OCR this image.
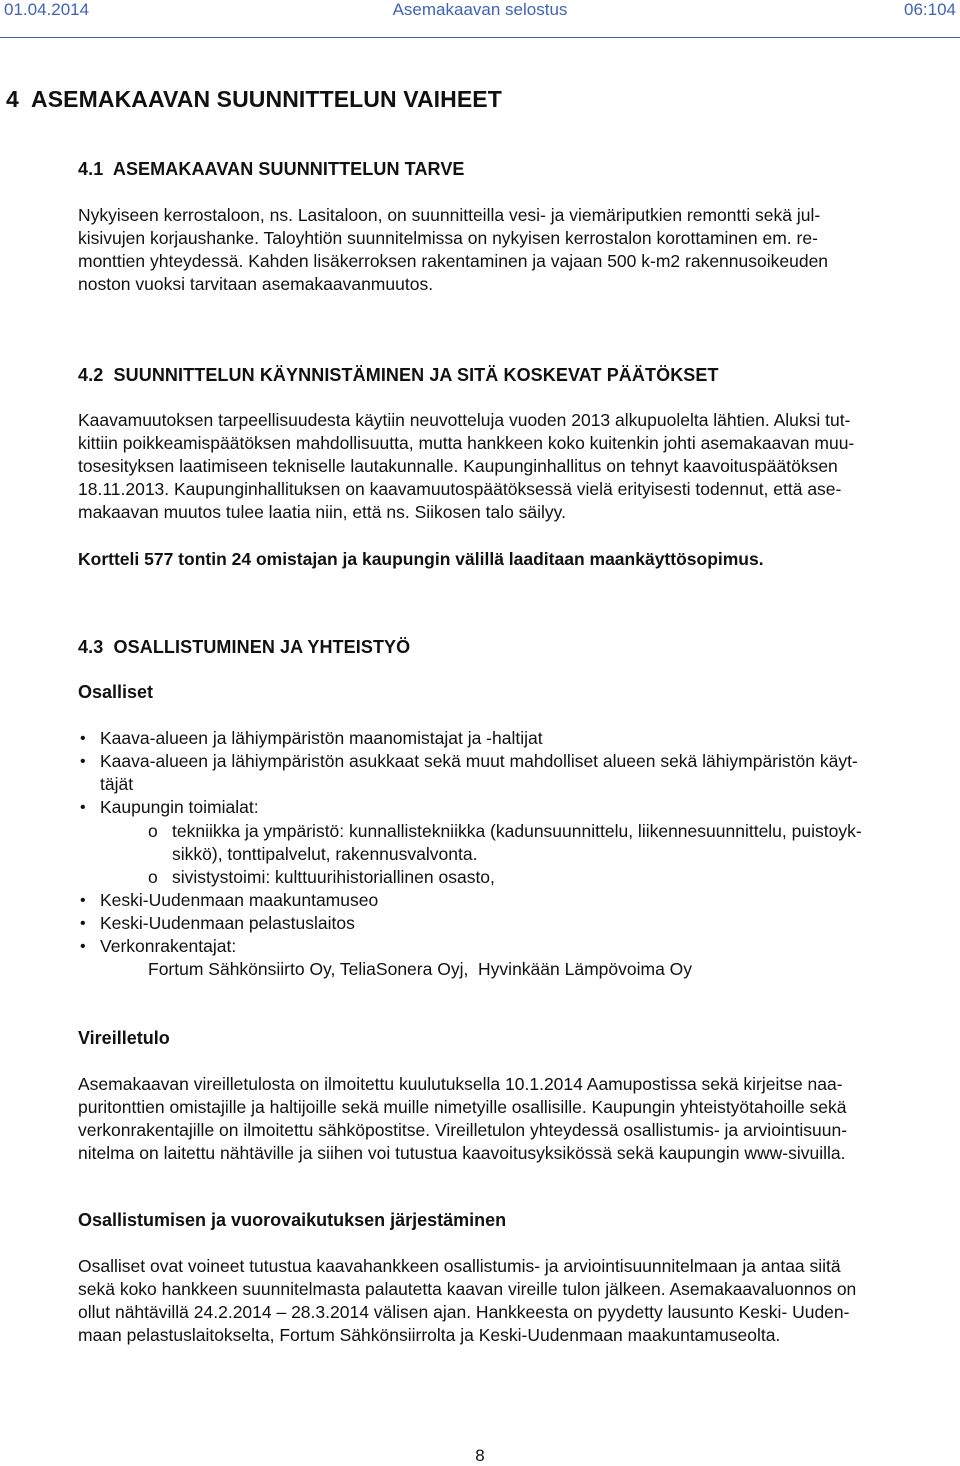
Asemakaavan selostus
01.04.2014	06:104
4  ASEMAKAAVAN SUUNNITTELUN VAIHEET
4.1  ASEMAKAAVAN SUUNNITTELUN TARVE
Nykyiseen kerrostaloon, ns. Lasitaloon, on suunnitteilla vesi- ja viemäriputkien remontti sekä jul-
kisivujen korjaushanke. Taloyhtiön suunnitelmissa on nykyisen kerrostalon korottaminen em. re-
monttien yhteydessä. Kahden lisäkerroksen rakentaminen ja vajaan 500 k-m2 rakennusoikeuden
noston vuoksi tarvitaan asemakaavanmuutos.
4.2  SUUNNITTELUN KÄYNNISTÄMINEN JA SITÄ KOSKEVAT PÄÄTÖKSET
Kaavamuutoksen tarpeellisuudesta käytiin neuvotteluja vuoden 2013 alkupuolelta lähtien. Aluksi tut-
kittiin poikkeamispäätöksen mahdollisuutta, mutta hankkeen koko kuitenkin johti asemakaavan muu-
tosesityksen laatimiseen tekniselle lautakunnalle. Kaupunginhallitus on tehnyt kaavoituspäätöksen
18.11.2013. Kaupunginhallituksen on kaavamuutospäätöksessä vielä erityisesti todennut, että ase-
makaavan muutos tulee laatia niin, että ns. Siikosen talo säilyy.
Kortteli 577 tontin 24 omistajan ja kaupungin välillä laaditaan maankäyttösopimus.
4.3  OSALLISTUMINEN JA YHTEISTYÖ
Osalliset
• Kaava-alueen ja lähiympäristön maanomistajat ja -haltijat
• Kaava-alueen ja lähiympäristön asukkaat sekä muut mahdolliset alueen sekä lähiympäristön käyt-
täjät
• Kaupungin toimialat:
o tekniikka ja ympäristö: kunnallistekniikka (kadunsuunnittelu, liikennesuunnittelu, puistoyk-
sikkö), tonttipalvelut, rakennusvalvonta.
o sivistystoimi: kulttuurihistoriallinen osasto,
• Keski-Uudenmaan maakuntamuseo
• Keski-Uudenmaan pelastuslaitos
• Verkonrakentajat:
Fortum Sähkönsiirto Oy, TeliaSonera Oyj,  Hyvinkään Lämpövoima Oy
Vireilletulo
Asemakaavan vireilletulosta on ilmoitettu kuulutuksella 10.1.2014 Aamupostissa sekä kirjeitse naa-
puritonttien omistajille ja haltijoille sekä muille nimetyille osallisille. Kaupungin yhteistyötahoille sekä
verkonrakentajille on ilmoitettu sähköpostitse. Vireilletulon yhteydessä osallistumis- ja arviointisuun-
nitelma on laitettu nähtäville ja siihen voi tutustua kaavoitusyksikössä sekä kaupungin www-sivuilla.
Osallistumisen ja vuorovaikutuksen järjestäminen
Osalliset ovat voineet tutustua kaavahankkeen osallistumis- ja arviointisuunnitelmaan ja antaa siitä
sekä koko hankkeen suunnitelmasta palautetta kaavan vireille tulon jälkeen. Asemakaavaluonnos on
ollut nähtävillä 24.2.2014 – 28.3.2014 välisen ajan. Hankkeesta on pyydetty lausunto Keski- Uuden-
maan pelastuslaitokselta, Fortum Sähkönsiirrolta ja Keski-Uudenmaan maakuntamuseolta.
8
